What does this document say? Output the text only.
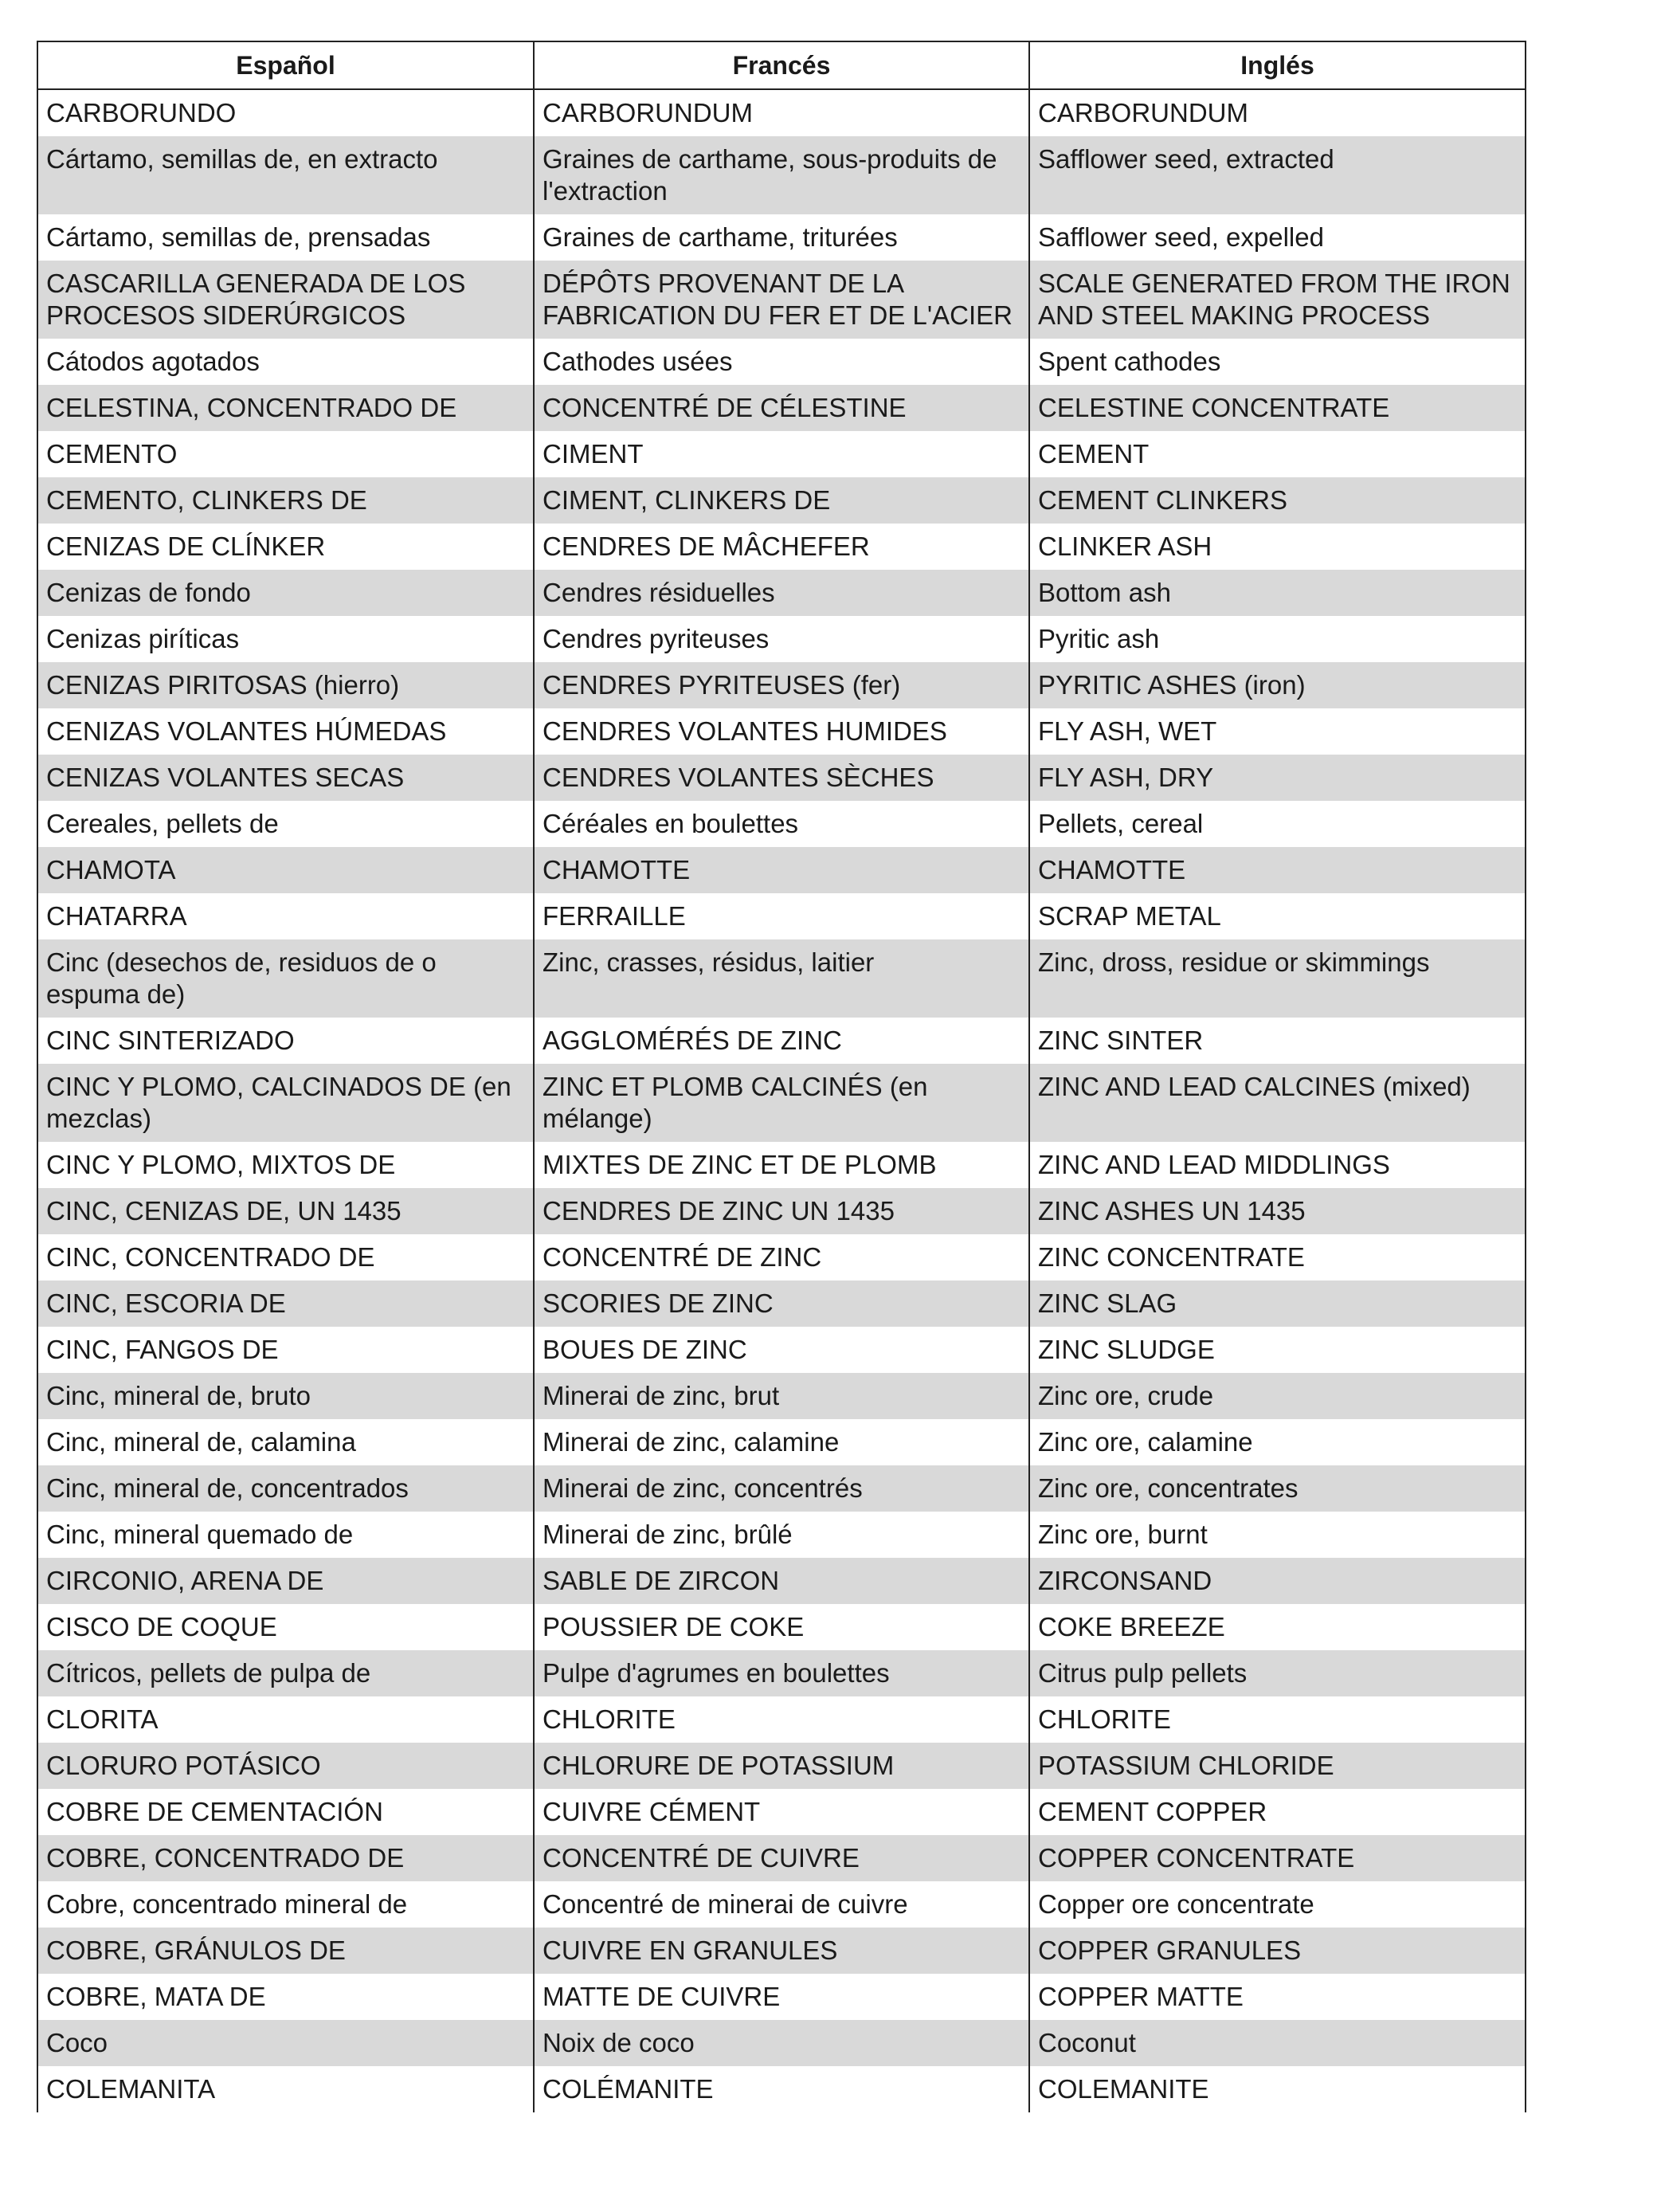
Español	Francés	Inglés
CARBORUNDO	CARBORUNDUM	CARBORUNDUM
Cártamo, semillas de, en extracto	Graines de carthame, sous-produits de l'extraction	Safflower seed, extracted
Cártamo, semillas de, prensadas	Graines de carthame, triturées	Safflower seed, expelled
CASCARILLA GENERADA DE LOS PROCESOS SIDERÚRGICOS	DÉPÔTS PROVENANT DE LA FABRICATION DU FER ET DE L'ACIER	SCALE GENERATED FROM THE IRON AND STEEL MAKING PROCESS
Cátodos agotados	Cathodes usées	Spent cathodes
CELESTINA, CONCENTRADO DE	CONCENTRÉ DE CÉLESTINE	CELESTINE CONCENTRATE
CEMENTO	CIMENT	CEMENT
CEMENTO, CLINKERS DE	CIMENT, CLINKERS DE	CEMENT CLINKERS
CENIZAS DE CLÍNKER	CENDRES DE MÂCHEFER	CLINKER ASH
Cenizas de fondo	Cendres résiduelles	Bottom ash
Cenizas piríticas	Cendres pyriteuses	Pyritic ash
CENIZAS PIRITOSAS (hierro)	CENDRES PYRITEUSES (fer)	PYRITIC ASHES (iron)
CENIZAS VOLANTES HÚMEDAS	CENDRES VOLANTES HUMIDES	FLY ASH, WET
CENIZAS VOLANTES SECAS	CENDRES VOLANTES SÈCHES	FLY ASH, DRY
Cereales, pellets de	Céréales en boulettes	Pellets, cereal
CHAMOTA	CHAMOTTE	CHAMOTTE
CHATARRA	FERRAILLE	SCRAP METAL
Cinc (desechos de, residuos de o espuma de)	Zinc, crasses, résidus, laitier	Zinc, dross, residue or skimmings
CINC SINTERIZADO	AGGLOMÉRÉS DE ZINC	ZINC SINTER
CINC Y PLOMO, CALCINADOS DE (en mezclas)	ZINC ET PLOMB CALCINÉS (en mélange)	ZINC AND LEAD CALCINES (mixed)
CINC Y PLOMO, MIXTOS DE	MIXTES DE ZINC ET DE PLOMB	ZINC AND LEAD MIDDLINGS
CINC, CENIZAS DE, UN 1435	CENDRES DE ZINC UN 1435	ZINC ASHES UN 1435
CINC, CONCENTRADO DE	CONCENTRÉ DE ZINC	ZINC CONCENTRATE
CINC, ESCORIA DE	SCORIES DE ZINC	ZINC SLAG
CINC, FANGOS DE	BOUES DE ZINC	ZINC SLUDGE
Cinc, mineral de, bruto	Minerai de zinc, brut	Zinc ore, crude
Cinc, mineral de, calamina	Minerai de zinc, calamine	Zinc ore, calamine
Cinc, mineral de, concentrados	Minerai de zinc, concentrés	Zinc ore, concentrates
Cinc, mineral quemado de	Minerai de zinc, brûlé	Zinc ore, burnt
CIRCONIO, ARENA DE	SABLE DE ZIRCON	ZIRCONSAND
CISCO DE COQUE	POUSSIER DE COKE	COKE BREEZE
Cítricos, pellets de pulpa de	Pulpe d'agrumes en boulettes	Citrus pulp pellets
CLORITA	CHLORITE	CHLORITE
CLORURO POTÁSICO	CHLORURE DE POTASSIUM	POTASSIUM CHLORIDE
COBRE DE CEMENTACIÓN	CUIVRE CÉMENT	CEMENT COPPER
COBRE, CONCENTRADO DE	CONCENTRÉ DE CUIVRE	COPPER CONCENTRATE
Cobre, concentrado mineral de	Concentré de minerai de cuivre	Copper ore concentrate
COBRE, GRÁNULOS DE	CUIVRE EN GRANULES	COPPER GRANULES
COBRE, MATA DE	MATTE DE CUIVRE	COPPER MATTE
Coco	Noix de coco	Coconut
COLEMANITA	COLÉMANITE	COLEMANITE
